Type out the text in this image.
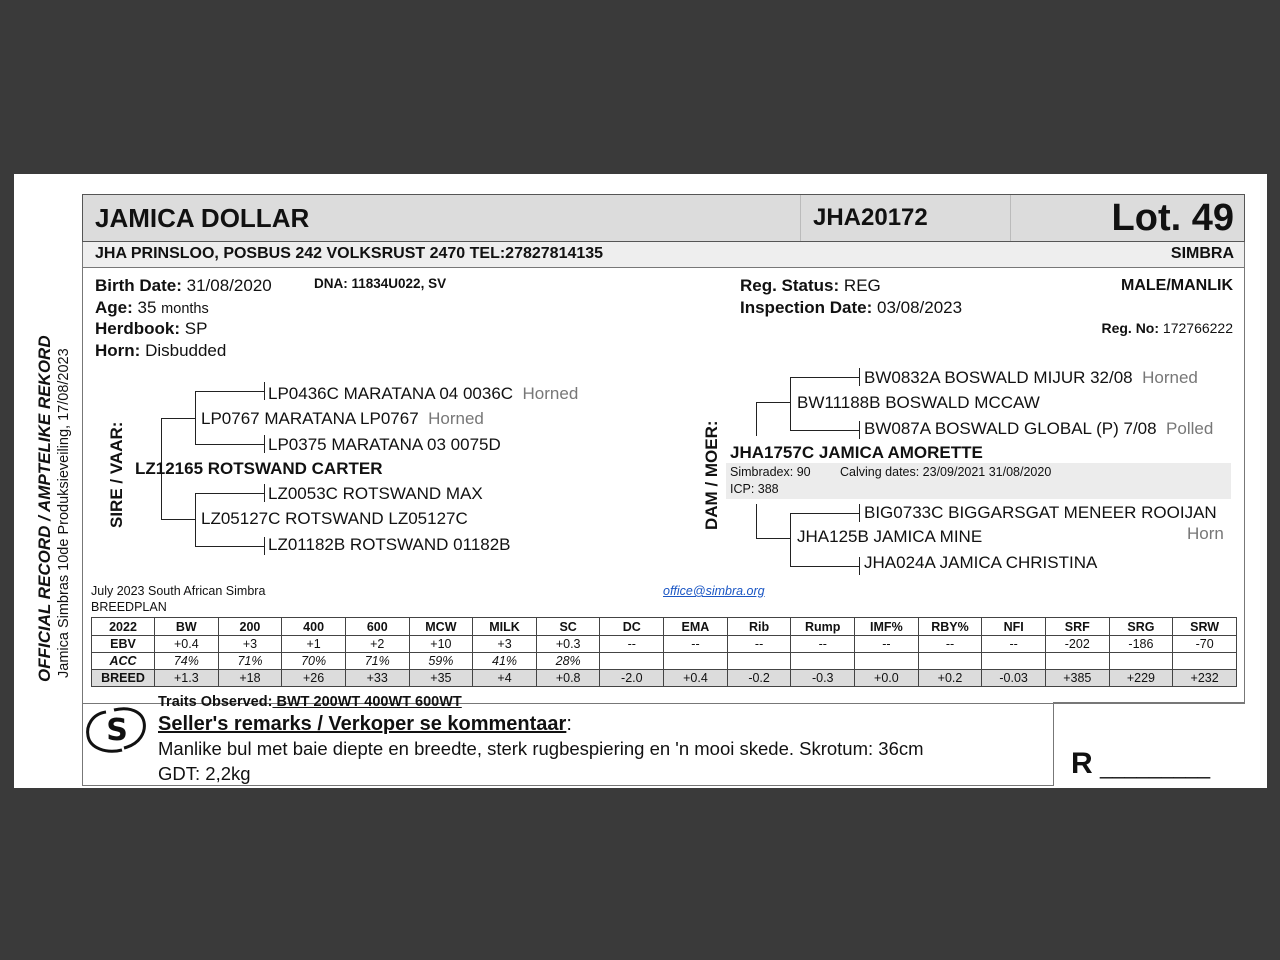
OFFICIAL RECORD / AMPTELIKE REKORD Jamica Simbras 10de Produksieveiling, 17/08/2023
JAMICA DOLLAR	JHA20172	Lot. 49
JHA PRINSLOO, POSBUS 242 VOLKSRUST 2470 TEL:27827814135	SIMBRA
Birth Date: 31/08/2020	DNA: 11834U022, SV
Age: 35 months
Herdbook: SP
Horn: Disbudded
Reg. Status: REG
Inspection Date: 03/08/2023
MALE/MANLIK
Reg. No: 172766222
SIRE / VAAR:
LP0436C MARATANA 04 0036C Horned
LP0767 MARATANA LP0767 Horned
LP0375 MARATANA 03 0075D
LZ12165 ROTSWAND CARTER
LZ0053C ROTSWAND MAX
LZ05127C ROTSWAND LZ05127C
LZ01182B ROTSWAND 01182B
DAM / MOER:
BW0832A BOSWALD MIJUR 32/08 Horned
BW11188B BOSWALD MCCAW
BW087A BOSWALD GLOBAL (P) 7/08 Polled
JHA1757C JAMICA AMORETTE
Simbradex: 90 Calving dates: 23/09/2021 31/08/2020
ICP: 388
BIG0733C BIGGARSGAT MENEER ROOIJAN
Horn
JHA125B JAMICA MINE
JHA024A JAMICA CHRISTINA
July 2023 South African Simbra
BREEDPLAN
office@simbra.org
2022	BW	200	400	600	MCW	MILK	SC	DC	EMA	Rib	Rump	IMF%	RBY%	NFI	SRF	SRG	SRW
EBV	+0.4	+3	+1	+2	+10	+3	+0.3	--	--	--	--	--	--	--	-202	-186	-70
ACC	74%	71%	70%	71%	59%	41%	28%										
BREED	+1.3	+18	+26	+33	+35	+4	+0.8	-2.0	+0.4	-0.2	-0.3	+0.0	+0.2	-0.03	+385	+229	+232
S
Traits Observed: BWT 200WT 400WT 600WT
Seller's remarks / Verkoper se kommentaar:
Manlike bul met baie diepte en breedte, sterk rugbespiering en 'n mooi skede. Skrotum: 36cm
GDT: 2,2kg	R _________
